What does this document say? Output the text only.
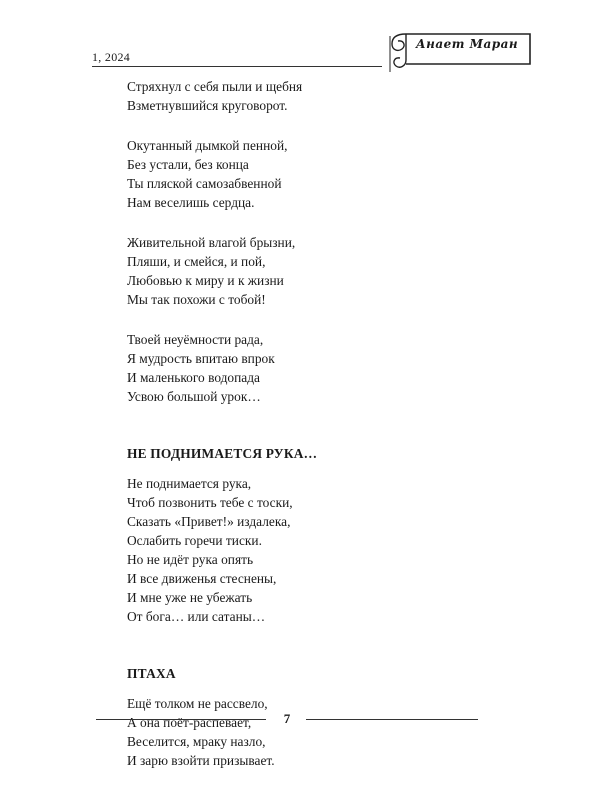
1, 2024
Анает Маран
Стряхнул с себя пыли и щебня
Взметнувшийся круговорот.
Окутанный дымкой пенной,
Без устали, без конца
Ты пляской самозабвенной
Нам веселишь сердца.
Живительной влагой брызни,
Пляши, и смейся, и пой,
Любовью к миру и к жизни
Мы так похожи с тобой!
Твоей неуёмности рада,
Я мудрость впитаю впрок
И маленького водопада
Усвою большой урок…
НЕ ПОДНИМАЕТСЯ РУКА…
Не поднимается рука,
Чтоб позвонить тебе с тоски,
Сказать «Привет!» издалека,
Ослабить горечи тиски.
Но не идёт рука опять
И все движенья стеснены,
И мне уже не убежать
От бога… или сатаны…
ПТАХА
Ещё толком не рассвело,
А она поёт-распевает,
Веселится, мраку назло,
И зарю взойти призывает.
7
